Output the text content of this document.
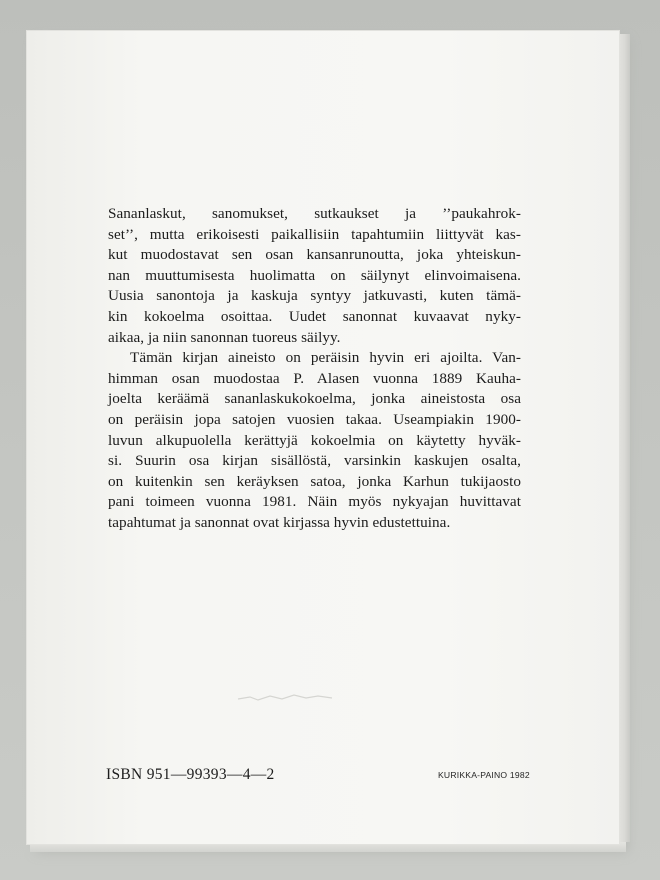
Sananlaskut, sanomukset, sutkaukset ja ’’paukahrok-
set’’, mutta erikoisesti paikallisiin tapahtumiin liittyvät kas-
kut muodostavat sen osan kansanrunoutta, joka yhteiskun-
nan muuttumisesta huolimatta on säilynyt elinvoimaisena.
Uusia sanontoja ja kaskuja syntyy jatkuvasti, kuten tämä-
kin kokoelma osoittaa. Uudet sanonnat kuvaavat nyky-
aikaa, ja niin sanonnan tuoreus säilyy.
Tämän kirjan aineisto on peräisin hyvin eri ajoilta. Van-
himman osan muodostaa P. Alasen vuonna 1889 Kauha-
joelta keräämä sananlaskukokoelma, jonka aineistosta osa
on peräisin jopa satojen vuosien takaa. Useampiakin 1900-
luvun alkupuolella kerättyjä kokoelmia on käytetty hyväk-
si. Suurin osa kirjan sisällöstä, varsinkin kaskujen osalta,
on kuitenkin sen keräyksen satoa, jonka Karhun tukijaosto
pani toimeen vuonna 1981. Näin myös nykyajan huvittavat
tapahtumat ja sanonnat ovat kirjassa hyvin edustettuina.
ISBN 951—99393—4—2	KURIKKA-PAINO 1982
